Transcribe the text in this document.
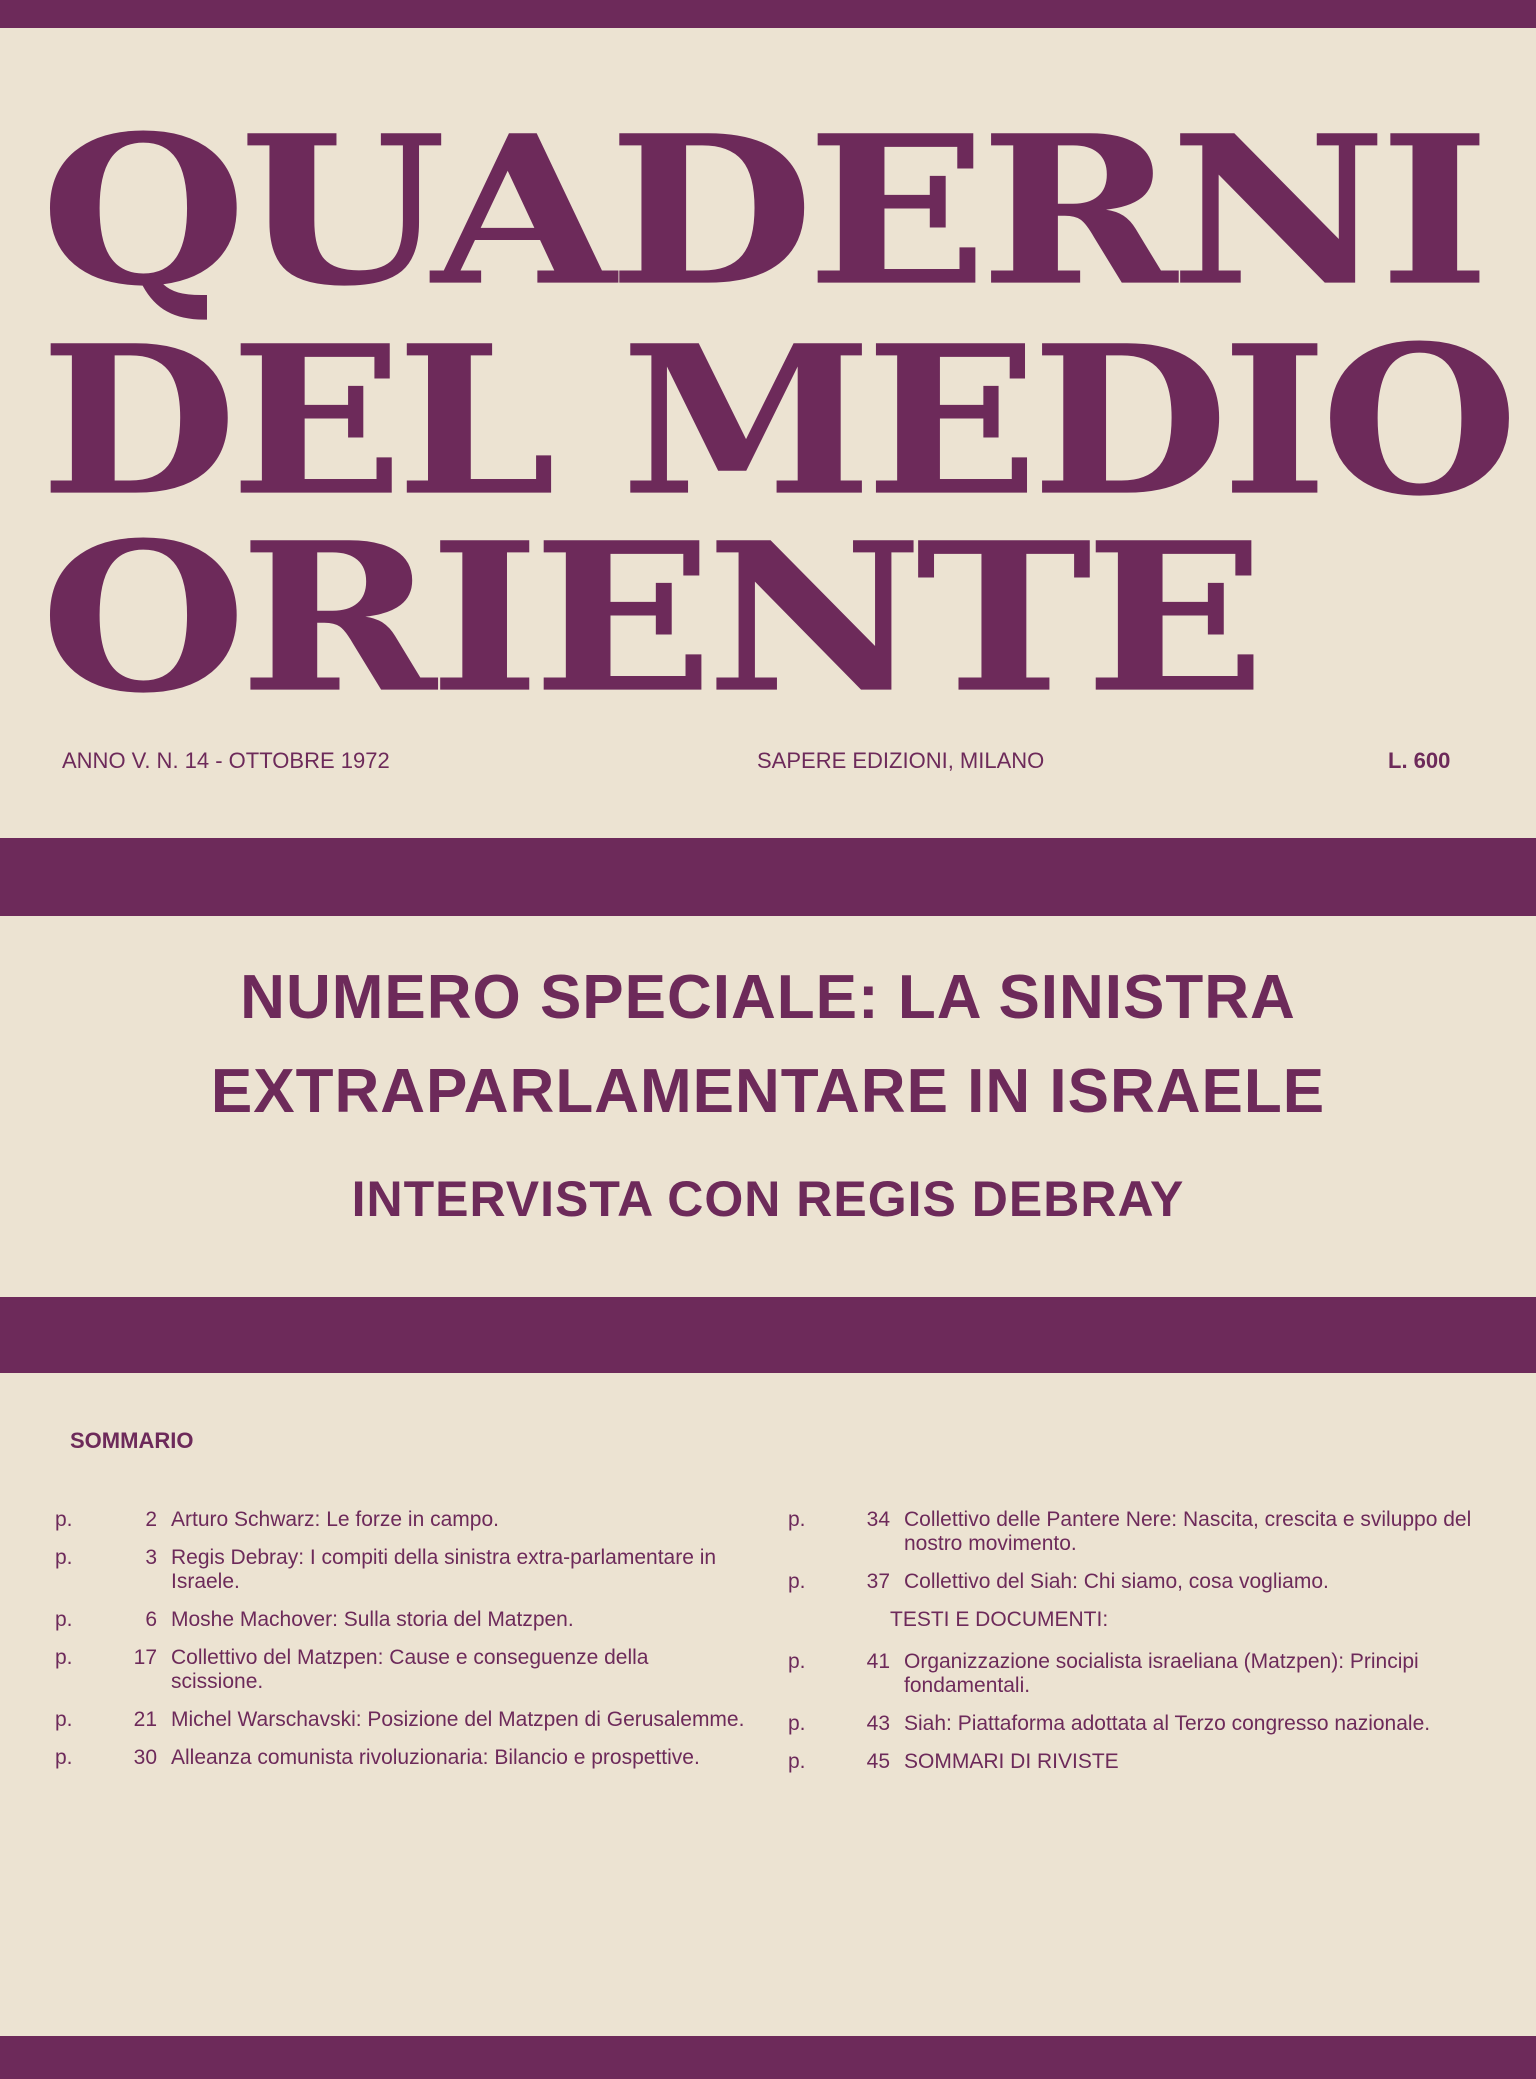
QUADERNI
DEL MEDIO
ORIENTE
ANNO V. N. 14 - OTTOBRE 1972	SAPERE EDIZIONI, MILANO	L. 600
NUMERO SPECIALE: LA SINISTRA
EXTRAPARLAMENTARE IN ISRAELE
INTERVISTA CON REGIS DEBRAY
SOMMARIO
p.	2 Arturo Schwarz: Le forze in campo.
p.	3 Regis Debray: I compiti della sinistra extra-parlamentare in Israele.
p.	6 Moshe Machover: Sulla storia del Matzpen.
p.	17 Collettivo del Matzpen: Cause e conseguenze della scissione.
p.	21 Michel Warschavski: Posizione del Matzpen di Gerusalemme.
p.	30 Alleanza comunista rivoluzionaria: Bilancio e prospettive.
p.	34 Collettivo delle Pantere Nere: Nascita, crescita e sviluppo del nostro movimento.
p.	37 Collettivo del Siah: Chi siamo, cosa vogliamo.
TESTI E DOCUMENTI:
p.	41 Organizzazione socialista israeliana (Matzpen): Principi fondamentali.
p.	43 Siah: Piattaforma adottata al Terzo congresso nazionale.
p.	45 SOMMARI DI RIVISTE
